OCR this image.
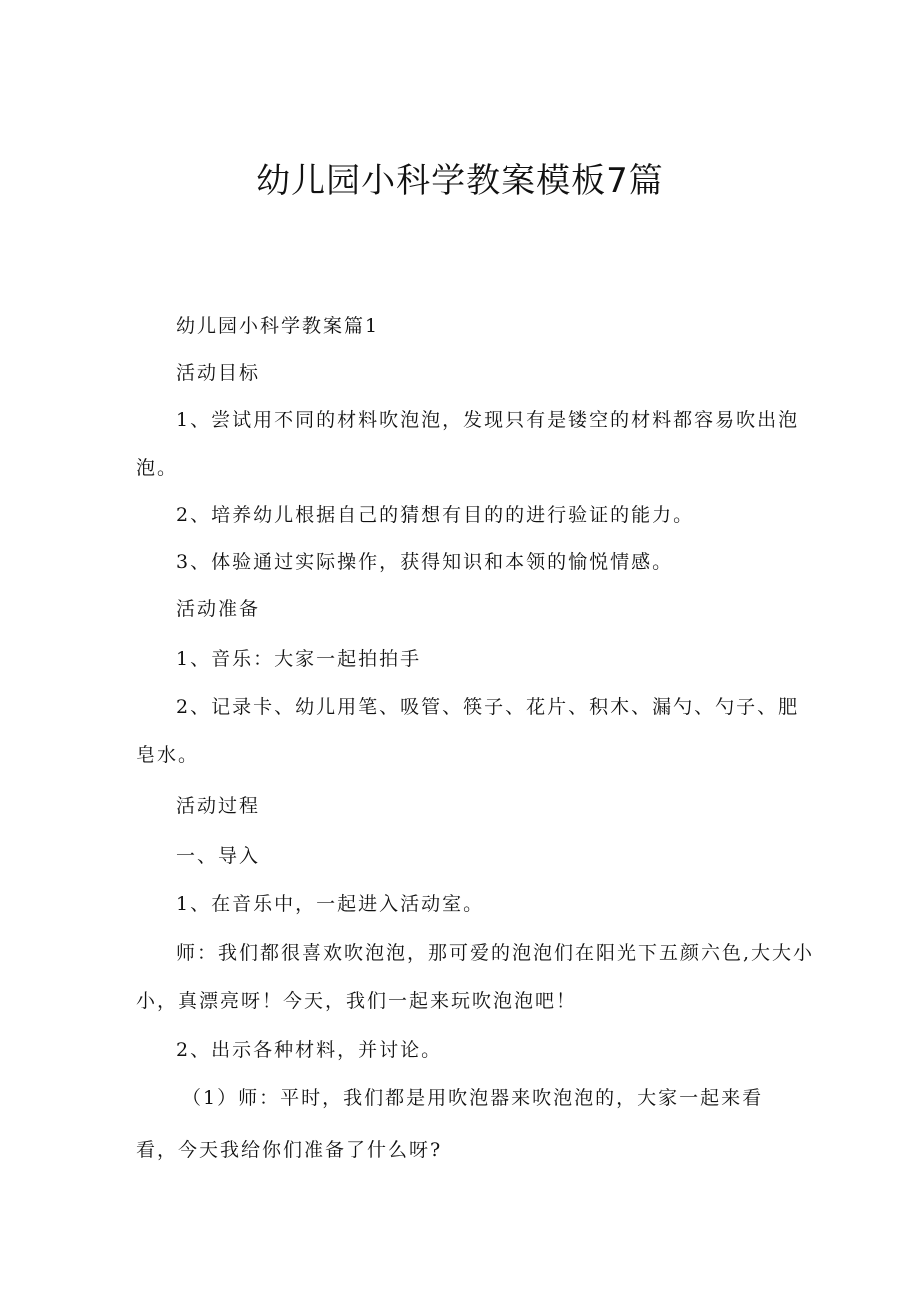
幼儿园小科学教案模板7篇
幼儿园小科学教案篇1
活动目标
1、尝试用不同的材料吹泡泡，发现只有是镂空的材料都容易吹出泡
泡。
2、培养幼儿根据自己的猜想有目的的进行验证的能力。
3、体验通过实际操作，获得知识和本领的愉悦情感。
活动准备
1、音乐：大家一起拍拍手
2、记录卡、幼儿用笔、吸管、筷子、花片、积木、漏勺、勺子、肥
皂水。
活动过程
一、导入
1、在音乐中，一起进入活动室。
师：我们都很喜欢吹泡泡，那可爱的泡泡们在阳光下五颜六色,大大小
小，真漂亮呀！今天，我们一起来玩吹泡泡吧！
2、出示各种材料，并讨论。
（1）师：平时，我们都是用吹泡器来吹泡泡的，大家一起来看
看，今天我给你们准备了什么呀?
